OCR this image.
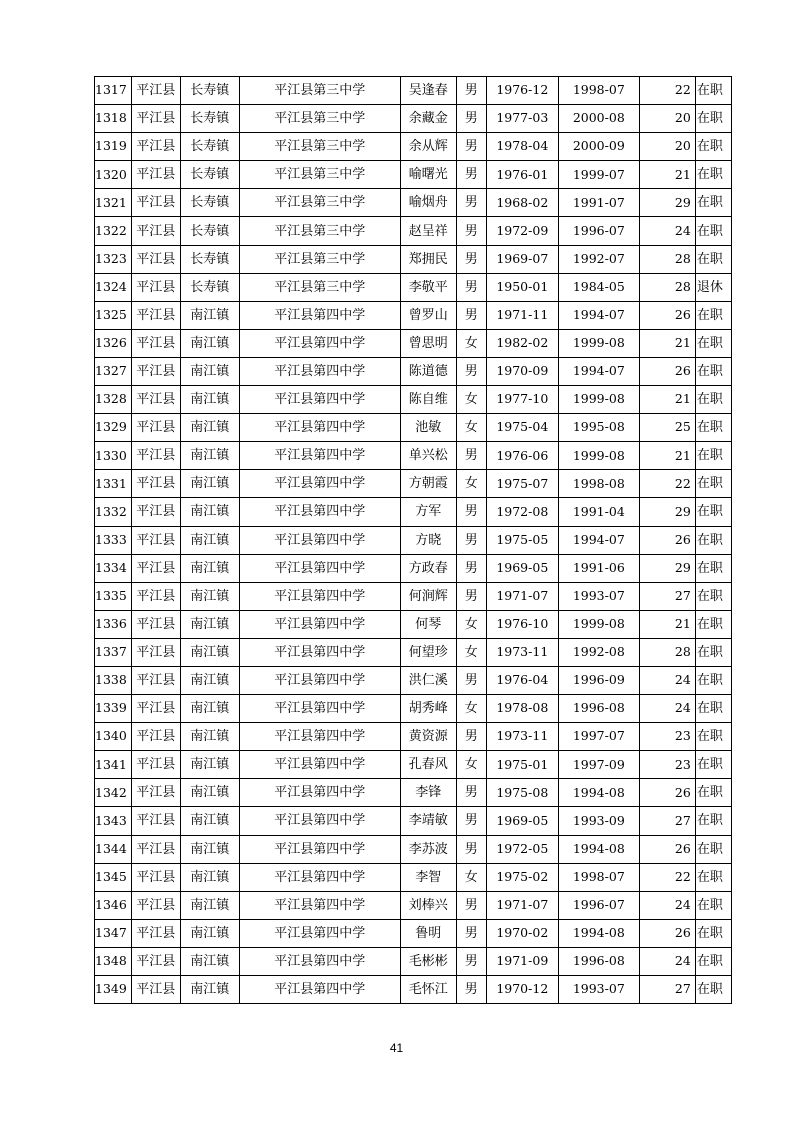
1317	平江县	长寿镇	平江县第三中学	吴逢春	男	1976-12	1998-07	22	在职
1318	平江县	长寿镇	平江县第三中学	余藏金	男	1977-03	2000-08	20	在职
1319	平江县	长寿镇	平江县第三中学	余从辉	男	1978-04	2000-09	20	在职
1320	平江县	长寿镇	平江县第三中学	喻曙光	男	1976-01	1999-07	21	在职
1321	平江县	长寿镇	平江县第三中学	喻烟舟	男	1968-02	1991-07	29	在职
1322	平江县	长寿镇	平江县第三中学	赵呈祥	男	1972-09	1996-07	24	在职
1323	平江县	长寿镇	平江县第三中学	郑拥民	男	1969-07	1992-07	28	在职
1324	平江县	长寿镇	平江县第三中学	李敬平	男	1950-01	1984-05	28	退休
1325	平江县	南江镇	平江县第四中学	曾罗山	男	1971-11	1994-07	26	在职
1326	平江县	南江镇	平江县第四中学	曾思明	女	1982-02	1999-08	21	在职
1327	平江县	南江镇	平江县第四中学	陈道德	男	1970-09	1994-07	26	在职
1328	平江县	南江镇	平江县第四中学	陈自维	女	1977-10	1999-08	21	在职
1329	平江县	南江镇	平江县第四中学	池敏	女	1975-04	1995-08	25	在职
1330	平江县	南江镇	平江县第四中学	单兴松	男	1976-06	1999-08	21	在职
1331	平江县	南江镇	平江县第四中学	方朝霞	女	1975-07	1998-08	22	在职
1332	平江县	南江镇	平江县第四中学	方军	男	1972-08	1991-04	29	在职
1333	平江县	南江镇	平江县第四中学	方晓	男	1975-05	1994-07	26	在职
1334	平江县	南江镇	平江县第四中学	方政春	男	1969-05	1991-06	29	在职
1335	平江县	南江镇	平江县第四中学	何涧辉	男	1971-07	1993-07	27	在职
1336	平江县	南江镇	平江县第四中学	何琴	女	1976-10	1999-08	21	在职
1337	平江县	南江镇	平江县第四中学	何望珍	女	1973-11	1992-08	28	在职
1338	平江县	南江镇	平江县第四中学	洪仁溪	男	1976-04	1996-09	24	在职
1339	平江县	南江镇	平江县第四中学	胡秀峰	女	1978-08	1996-08	24	在职
1340	平江县	南江镇	平江县第四中学	黄资源	男	1973-11	1997-07	23	在职
1341	平江县	南江镇	平江县第四中学	孔春风	女	1975-01	1997-09	23	在职
1342	平江县	南江镇	平江县第四中学	李锋	男	1975-08	1994-08	26	在职
1343	平江县	南江镇	平江县第四中学	李靖敏	男	1969-05	1993-09	27	在职
1344	平江县	南江镇	平江县第四中学	李苏波	男	1972-05	1994-08	26	在职
1345	平江县	南江镇	平江县第四中学	李智	女	1975-02	1998-07	22	在职
1346	平江县	南江镇	平江县第四中学	刘棒兴	男	1971-07	1996-07	24	在职
1347	平江县	南江镇	平江县第四中学	鲁明	男	1970-02	1994-08	26	在职
1348	平江县	南江镇	平江县第四中学	毛彬彬	男	1971-09	1996-08	24	在职
1349	平江县	南江镇	平江县第四中学	毛怀江	男	1970-12	1993-07	27	在职
41
